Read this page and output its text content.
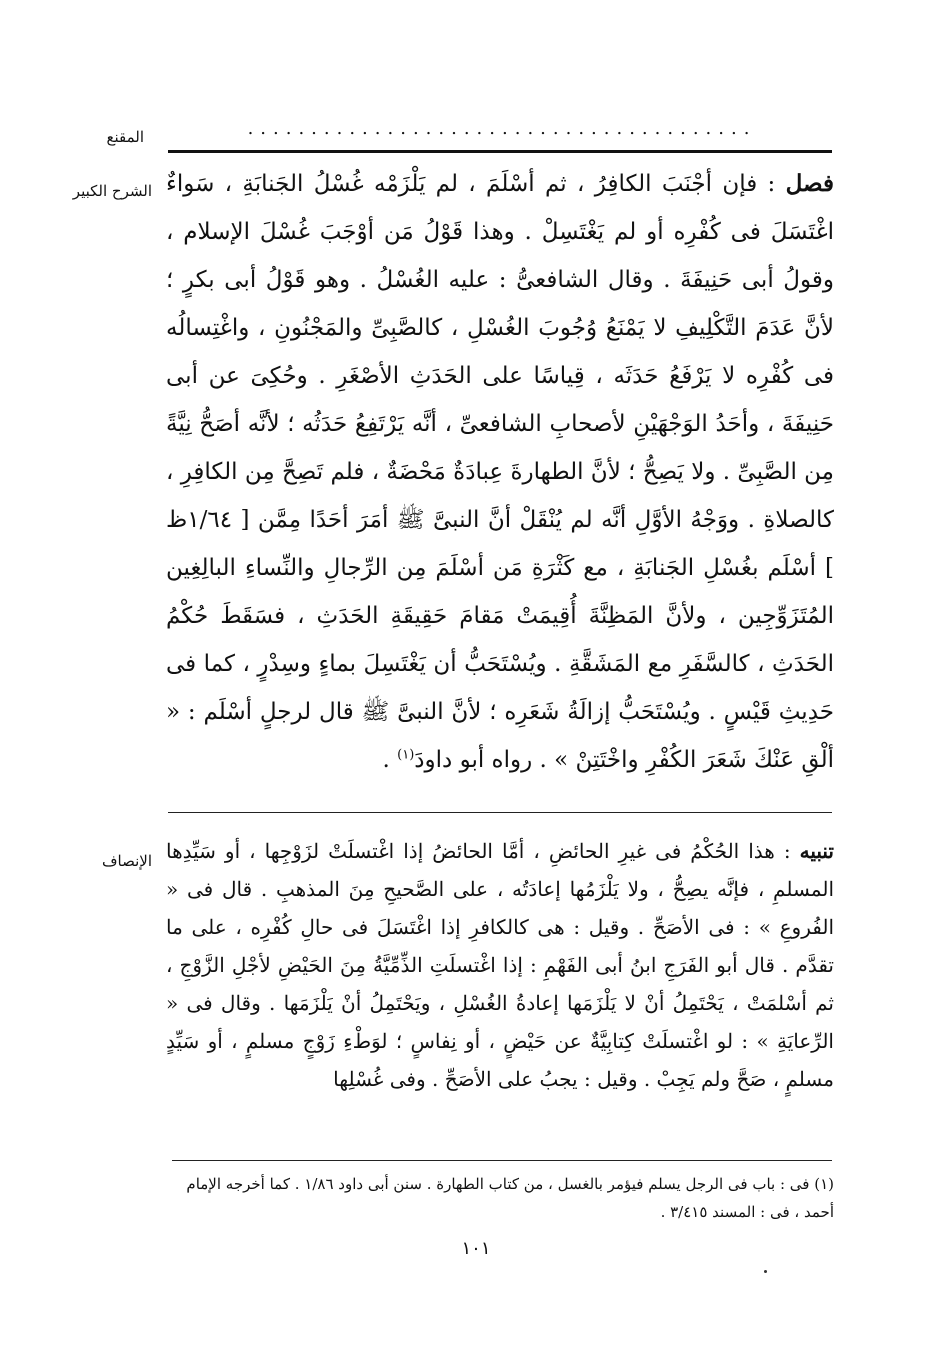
........................................
المقنع
الشرح الكبير	فصل : فإن أجْنَبَ الكافِرُ ، ثم أسْلَمَ ، لم يَلْزَمْه غُسْلُ الجَنابَةِ ، سَواءٌ اغْتَسَلَ فى كُفْرِه أو لم يَغْتَسِلْ . وهذا قَوْلُ مَن أوْجَبَ غُسْلَ الإسلام ، وقولُ أبى حَنِيفَةَ . وقال الشافعىُّ : عليه الغُسْلُ . وهو قَوْلُ أبى بكرٍ ؛ لأنَّ عَدَمَ التَّكْلِيفِ لا يَمْنَعُ وُجُوبَ الغُسْلِ ، كالصَّبِىِّ والمَجْنُونِ ، واغْتِسالُه فى كُفْرِه لا يَرْفَعُ حَدَثَه ، قِياسًا على الحَدَثِ الأصْغَرِ . وحُكِىَ عن أبى حَنِيفَةَ ، وأحَدُ الوَجْهَيْنِ لأصحابِ الشافعىِّ ، أنَّه يَرْتَفِعُ حَدَثُه ؛ لأنَّه أصَحُّ نِيَّةً مِن الصَّبِىِّ . ولا يَصِحُّ ؛ لأنَّ الطهارةَ عِبادَةٌ مَحْضَةٌ ، فلم تَصِحَّ مِن الكافِرِ ، كالصلاةِ . ووَجْهُ الأوَّلِ أنَّه لم يُنْقَلْ أنَّ النبىَّ ﷺ أمَرَ أحَدًا مِمَّن [ ١/٦٤ظ ] أسْلَم بغُسْلِ الجَنابَةِ ، مع كَثْرَةِ مَن أسْلَمَ مِن الرِّجالِ والنِّساءِ البالِغِين المُتَزَوِّجِين ، ولأنَّ المَظِنَّةَ أُقِيمَتْ مَقامَ حَقِيقَةِ الحَدَثِ ، فسَقَطَ حُكْمُ الحَدَثِ ، كالسَّفَرِ مع المَشَقَّةِ . ويُسْتَحَبُّ أن يَغْتَسِلَ بماءٍ وسِدْرٍ ، كما فى حَدِيثِ قَيْسٍ . ويُسْتَحَبُّ إزالَةُ شَعَرِه ؛ لأنَّ النبىَّ ﷺ قال لرجلٍ أسْلَم : « ألْقِ عَنْكَ شَعَرَ الكُفْرِ واخْتَتِنْ » . رواه أبو داودَ$^{(١)}$ .

الإنصاف	تنبيه : هذا الحُكْمُ فى غيرِ الحائضِ ، أمَّا الحائضُ إذا اغْتسلَتْ لزَوْجِها ، أو سَيِّدِها المسلمِ ، فإنَّه يصِحُّ ، ولا يَلْزَمُها إعادَتُه ، على الصَّحيحِ مِنَ المذهبِ . قال فى « الفُروعِ » : فى الأصَحِّ . وقيل : هى كالكافرِ إذا اغْتَسَلَ فى حالِ كُفْرِه ، على ما تقدَّم . قال أبو الفَرَجِ ابنُ أبى الفَهْمِ : إذا اغْتسلَتِ الذِّمِّيَّةُ مِنَ الحَيْضِ لأجْلِ الزَّوْجِ ، ثم أسْلمَتْ ، يَحْتَمِلُ أنْ لا يَلْزَمَها إعادةُ الغُسْلِ ، ويَحْتَمِلُ أنْ يَلْزَمَها . وقال فى « الرِّعايَةِ » : لو اغْتسلَتْ كِتابِيَّةٌ عن حَيْضٍ ، أو نِفاسٍ ؛ لوَطْءِ زَوْجٍ مسلمٍ ، أو سَيِّدٍ مسلمٍ ، صَحَّ ولم يَجِبْ . وقيل : يجبُ على الأصَحِّ . وفى غُسْلِها

(١) فى : باب فى الرجل يسلم فيؤمر بالغسل ، من كتاب الطهارة . سنن أبى داود ١/٨٦ . كما أخرجه الإمام
أحمد ، فى : المسند ٣/٤١٥ .
١٠١
